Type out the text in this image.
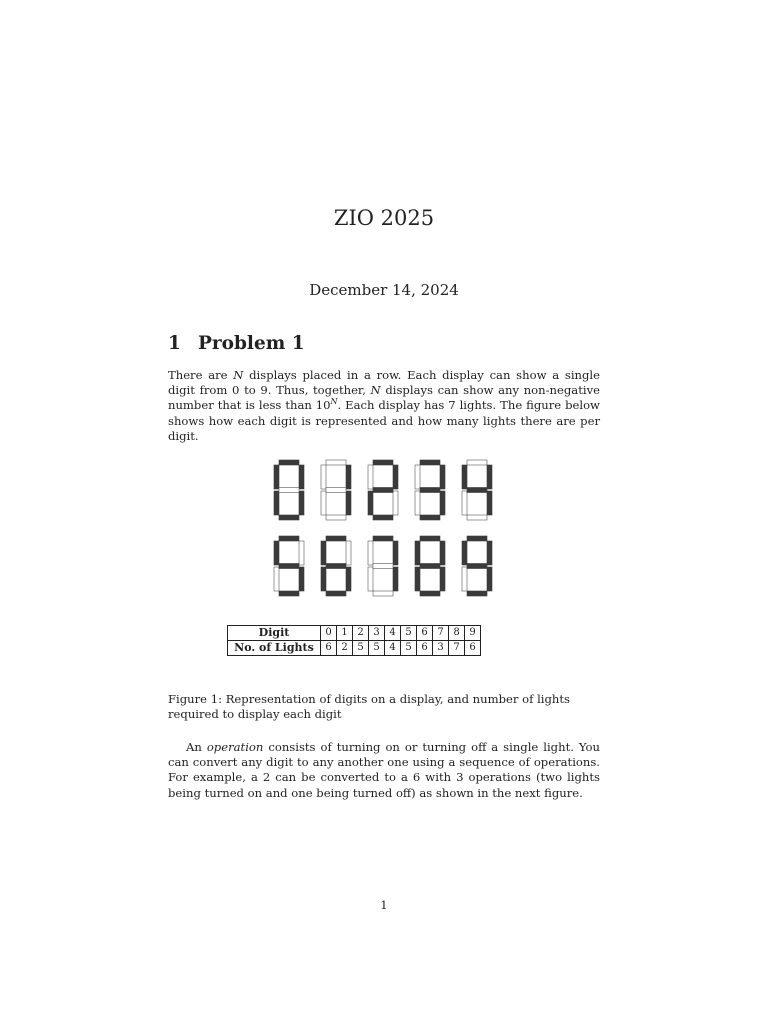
ZIO 2025
December 14, 2024
1 Problem 1
There are N displays placed in a row. Each display can show a single digit from 0 to 9. Thus, together, N displays can show any non-negative number that is less than $10^N$. Each display has 7 lights. The figure below shows how each digit is represented and how many lights there are per digit.
Digit	0	1	2	3	4	5	6	7	8	9
No. of Lights	6	2	5	5	4	5	6	3	7	6
Figure 1: Representation of digits on a display, and number of lights required to display each digit
An operation consists of turning on or turning off a single light. You can convert any digit to any another one using a sequence of operations. For example, a 2 can be converted to a 6 with 3 operations (two lights being turned on and one being turned off) as shown in the next figure.
1
